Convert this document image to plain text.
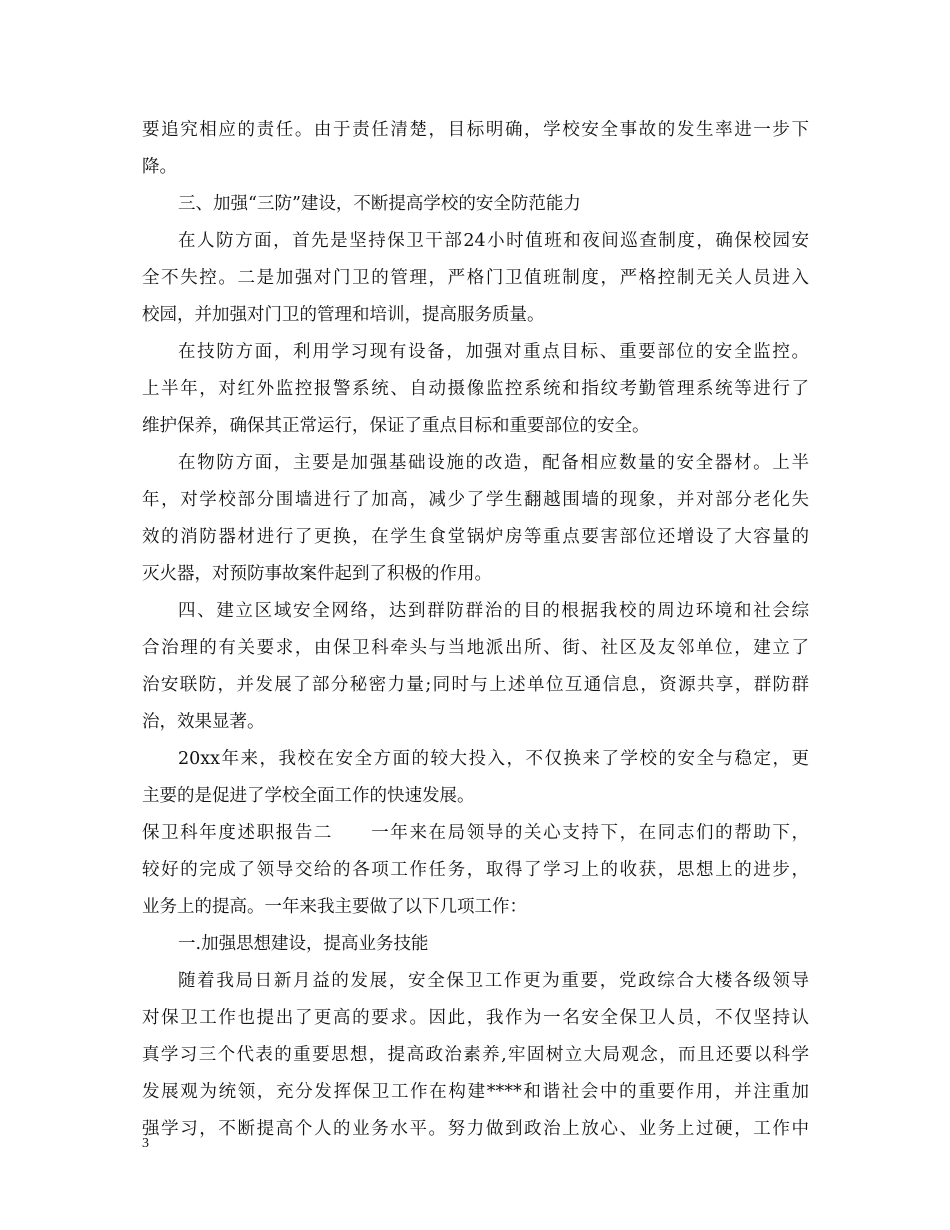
要追究相应的责任。由于责任清楚，目标明确，学校安全事故的发生率进一步下
降。
三、加强“三防”建设，不断提高学校的安全防范能力
在人防方面，首先是坚持保卫干部24小时值班和夜间巡查制度，确保校园安
全不失控。二是加强对门卫的管理，严格门卫值班制度，严格控制无关人员进入
校园，并加强对门卫的管理和培训，提高服务质量。
在技防方面，利用学习现有设备，加强对重点目标、重要部位的安全监控。
上半年，对红外监控报警系统、自动摄像监控系统和指纹考勤管理系统等进行了
维护保养，确保其正常运行，保证了重点目标和重要部位的安全。
在物防方面，主要是加强基础设施的改造，配备相应数量的安全器材。上半
年，对学校部分围墙进行了加高，减少了学生翻越围墙的现象，并对部分老化失
效的消防器材进行了更换，在学生食堂锅炉房等重点要害部位还增设了大容量的
灭火器，对预防事故案件起到了积极的作用。
四、建立区域安全网络，达到群防群治的目的根据我校的周边环境和社会综
合治理的有关要求，由保卫科牵头与当地派出所、街、社区及友邻单位，建立了
治安联防，并发展了部分秘密力量;同时与上述单位互通信息，资源共享，群防群
治，效果显著。
20xx年来，我校在安全方面的较大投入，不仅换来了学校的安全与稳定，更
主要的是促进了学校全面工作的快速发展。
保卫科年度述职报告二　　一年来在局领导的关心支持下，在同志们的帮助下，
较好的完成了领导交给的各项工作任务，取得了学习上的收获，思想上的进步，
业务上的提高。一年来我主要做了以下几项工作：
一.加强思想建设，提高业务技能
随着我局日新月益的发展，安全保卫工作更为重要，党政综合大楼各级领导
对保卫工作也提出了更高的要求。因此，我作为一名安全保卫人员，不仅坚持认
真学习三个代表的重要思想，提高政治素养,牢固树立大局观念，而且还要以科学
发展观为统领，充分发挥保卫工作在构建****和谐社会中的重要作用，并注重加
强学习，不断提高个人的业务水平。努力做到政治上放心、业务上过硬，工作中
3
